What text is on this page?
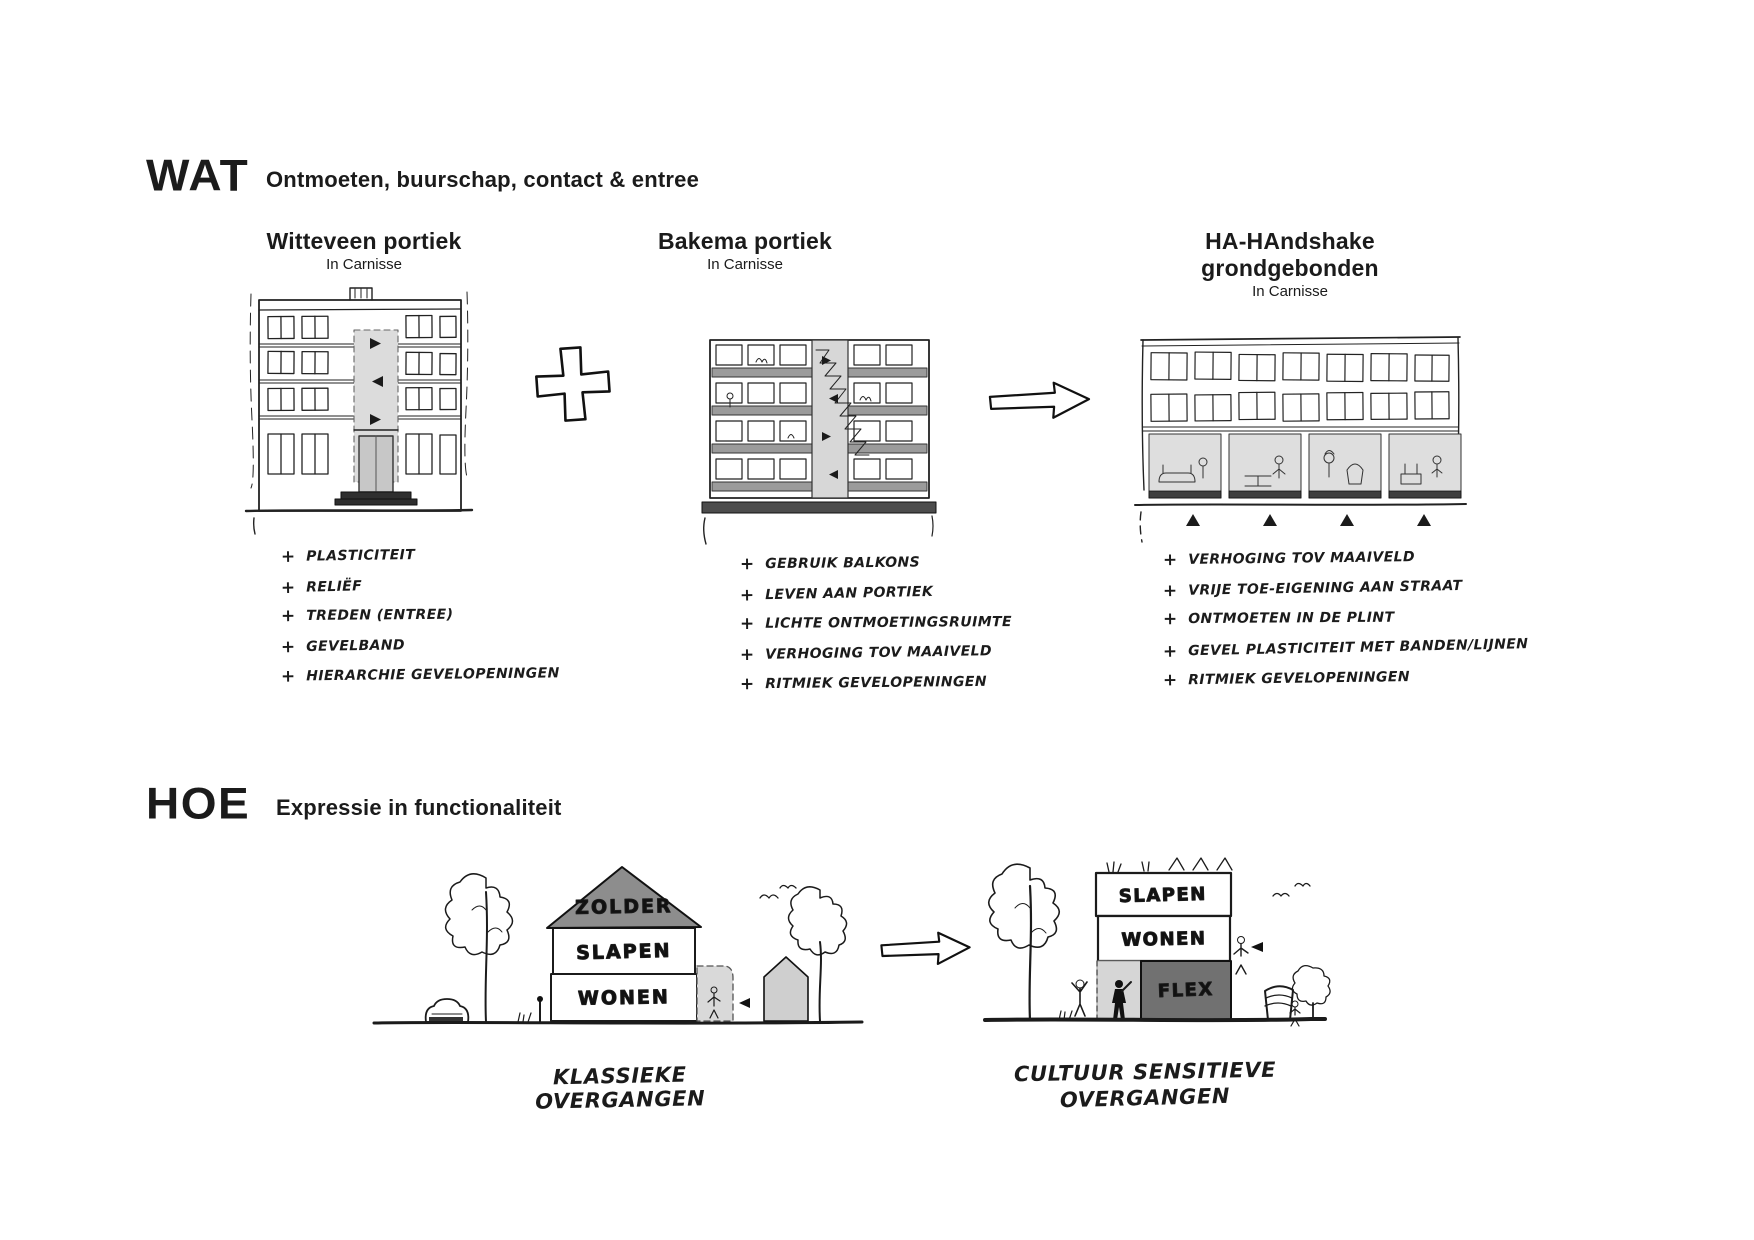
WAT Ontmoeten, buurschap, contact & entree
Witteveen portiek
In Carnisse
Bakema portiek
In Carnisse
HA-HAndshake grondgebonden
In Carnisse
+ PLASTICITEIT
+ RELIËF
+ TREDEN (ENTREE)
+ GEVELBAND
+ HIERARCHIE GEVELOPENINGEN
+ GEBRUIK BALKONS
+ LEVEN AAN PORTIEK
+ LICHTE ONTMOETINGSRUIMTE
+ VERHOGING TOV MAAIVELD
+ RITMIEK GEVELOPENINGEN
+ VERHOGING TOV MAAIVELD
+ VRIJE TOE-EIGENING AAN STRAAT
+ ONTMOETEN IN DE PLINT
+ GEVEL PLASTICITEIT MET BANDEN/LIJNEN
+ RITMIEK GEVELOPENINGEN
HOE Expressie in functionaliteit
ZOLDER
SLAPEN
WONEN
SLAPEN
WONEN
FLEX
KLASSIEKE OVERGANGEN
CULTUUR SENSITIEVE
OVERGANGEN
